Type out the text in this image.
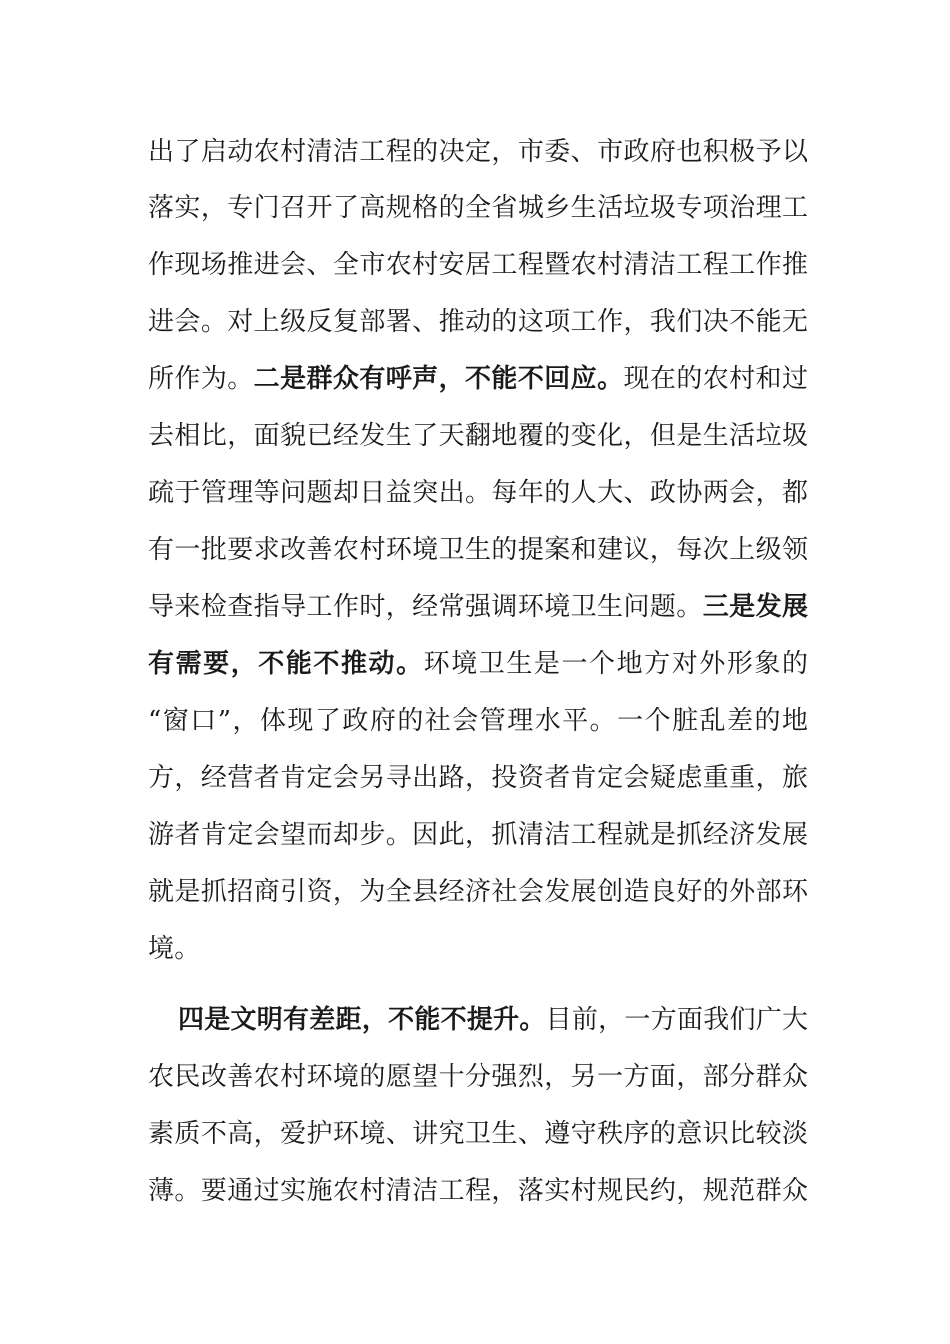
出了启动农村清洁工程的决定，市委、市政府也积极予以
落实，专门召开了高规格的全省城乡生活垃圾专项治理工
作现场推进会、全市农村安居工程暨农村清洁工程工作推
进会。对上级反复部署、推动的这项工作，我们决不能无
所作为。二是群众有呼声，不能不回应。现在的农村和过
去相比，面貌已经发生了天翻地覆的变化，但是生活垃圾
疏于管理等问题却日益突出。每年的人大、政协两会，都
有一批要求改善农村环境卫生的提案和建议，每次上级领
导来检查指导工作时，经常强调环境卫生问题。三是发展
有需要，不能不推动。环境卫生是一个地方对外形象的
“窗口”，体现了政府的社会管理水平。一个脏乱差的地
方，经营者肯定会另寻出路，投资者肯定会疑虑重重，旅
游者肯定会望而却步。因此，抓清洁工程就是抓经济发展
就是抓招商引资，为全县经济社会发展创造良好的外部环
境。
四是文明有差距，不能不提升。目前，一方面我们广大
农民改善农村环境的愿望十分强烈，另一方面，部分群众
素质不高，爱护环境、讲究卫生、遵守秩序的意识比较淡
薄。要通过实施农村清洁工程，落实村规民约，规范群众
